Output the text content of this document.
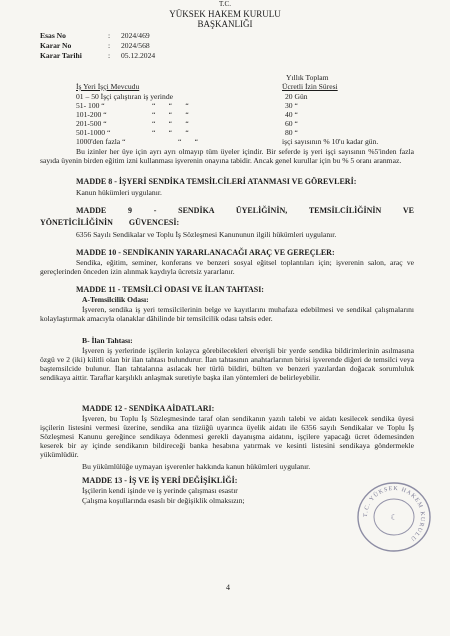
T.C.
YÜKSEK HAKEM KURULU
BAŞKANLIĞI
Esas No	: 2024/469
Karar No	: 2024/568
Karar Tarihi	: 05.12.2024
Yıllık Toplam
İş Yeri İşçi Mevcudu	Ücretli İzin Süresi
01 – 50 İşçi çalıştıran iş yerinde	20 Gün
51- 100 “	“       “       “	30 “
101-200 “	“       “       “	40 “
201-500 “	“       “       “	60 “
501-1000 “	“       “       “	80 “
1000'den fazla “	“       “	işçi sayısının % 10'u kadar gün.
Bu izinler her üye için ayrı ayrı olmayıp tüm üyeler içindir. Bir seferde iş yeri işçi sayısının %5'inden fazla sayıda üyenin birden eğitim izni kullanması işverenin onayına tabidir. Ancak genel kurullar için bu % 5 oranı aranmaz.
MADDE 8 - İŞYERİ SENDİKA TEMSİLCİLERİ ATANMASI VE GÖREVLERİ:
Kanun hükümleri uygulanır.
MADDE 9 - SENDİKA ÜYELİĞİNİN, TEMSİLCİLİĞİNİN VE YÖNETİCİLİĞİNİN GÜVENCESİ:
6356 Sayılı Sendikalar ve Toplu İş Sözleşmesi Kanununun ilgili hükümleri uygulanır.
MADDE 10 - SENDİKANIN YARARLANACAĞI ARAÇ VE GEREÇLER:
Sendika, eğitim, seminer, konferans ve benzeri sosyal eğitsel toplantıları için; işverenin salon, araç ve gereçlerinden önceden izin alınmak kaydıyla ücretsiz yararlanır.
MADDE 11 - TEMSİLCİ ODASI VE İLAN TAHTASI:
A-Temsilcilik Odası:
İşveren, sendika iş yeri temsilcilerinin belge ve kayıtlarını muhafaza edebilmesi ve sendikal çalışmalarını kolaylaştırmak amacıyla olanaklar dâhilinde bir temsilcilik odası tahsis eder.
B- İlan Tahtası:
İşveren iş yerlerinde işçilerin kolayca görebilecekleri elverişli bir yerde sendika bildirimlerinin asılmasına özgü ve 2 (iki) kilitli olan bir ilan tahtası bulundurur. İlan tahtasının anahtarlarının birisi işverende diğeri de temsilci veya baştemsilcide bulunur. İlan tahtalarına asılacak her türlü bildiri, bülten ve benzeri yazılardan doğacak sorumluluk sendikaya aittir. Taraflar karşılıklı anlaşmak suretiyle başka ilan yöntemleri de belirleyebilir.
MADDE 12 - SENDİKA AİDATLARI:
İşveren, bu Toplu İş Sözleşmesinde taraf olan sendikanın yazılı talebi ve aidatı kesilecek sendika üyesi işçilerin listesini vermesi üzerine, sendika ana tüzüğü uyarınca üyelik aidatı ile 6356 sayılı Sendikalar ve Toplu İş Sözleşmesi Kanunu gereğince sendikaya ödenmesi gerekli dayanışma aidatını, işçilere yapacağı ücret ödemesinden keserek bir ay içinde sendikanın bildireceği banka hesabına yatırmak ve kesinti listesini sendikaya göndermekle yükümlüdür.
Bu yükümlülüğe uymayan işverenler hakkında kanun hükümleri uygulanır.
MADDE 13 - İŞ VE İŞ YERİ DEĞİŞİKLİĞİ:
İşçilerin kendi işinde ve iş yerinde çalışması esastır
Çalışma koşullarında esaslı bir değişiklik olmaksızın;
T.C. YÜKSEK HAKEM KURULU
☾
4
